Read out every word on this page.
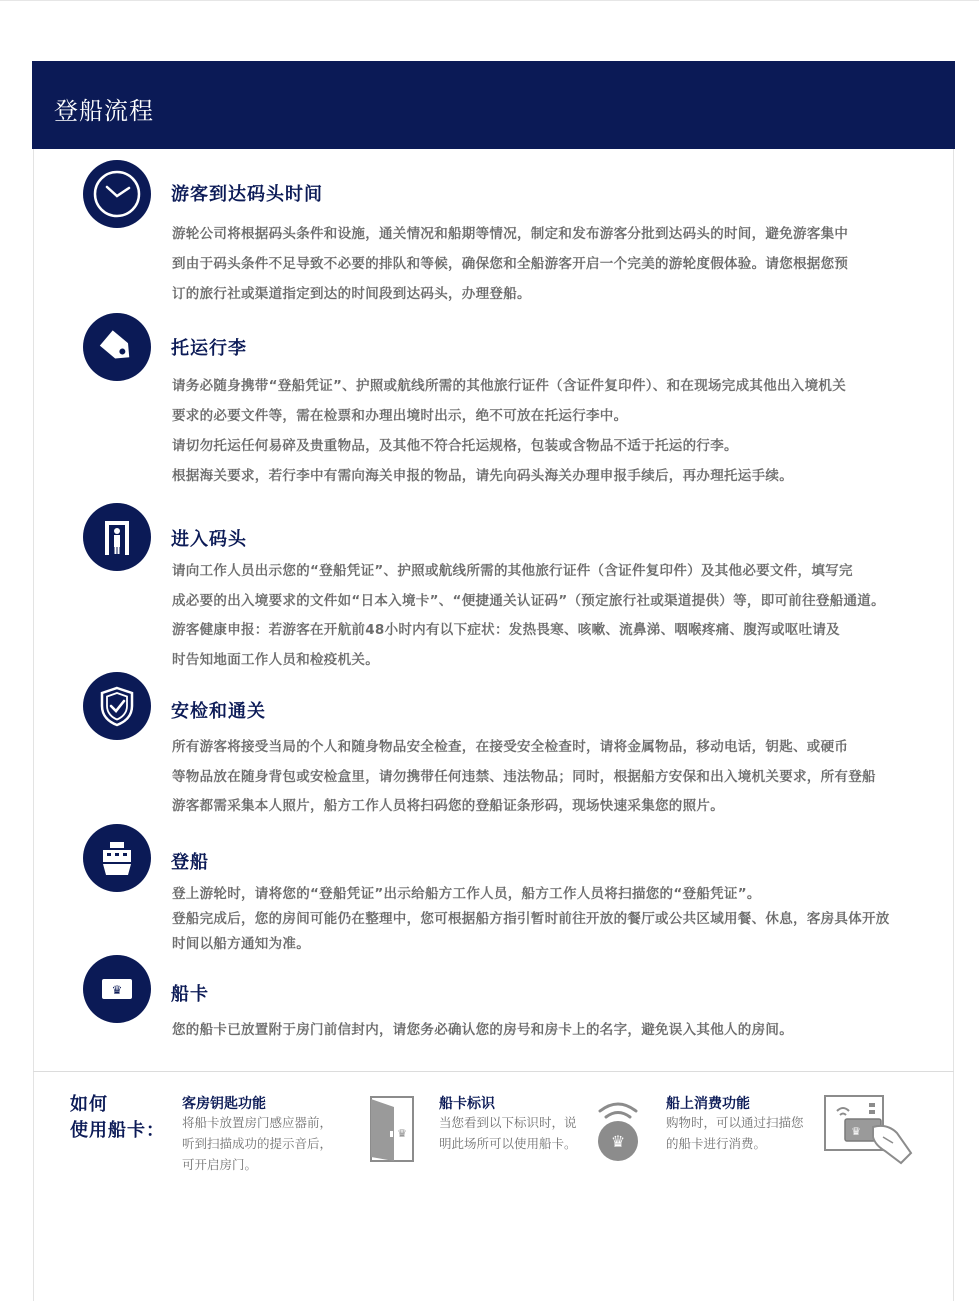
登船流程
游客到达码头时间

游轮公司将根据码头条件和设施，通关情况和船期等情况，制定和发布游客分批到达码头的时间，避免游客集中

到由于码头条件不足导致不必要的排队和等候，确保您和全船游客开启一个完美的游轮度假体验。请您根据您预

订的旅行社或渠道指定到达的时间段到达码头，办理登船。

托运行李

请务必随身携带“登船凭证”、护照或航线所需的其他旅行证件（含证件复印件）、和在现场完成其他出入境机关

要求的必要文件等，需在检票和办理出境时出示，绝不可放在托运行李中。

请切勿托运任何易碎及贵重物品，及其他不符合托运规格，包装或含物品不适于托运的行李。

根据海关要求，若行李中有需向海关申报的物品，请先向码头海关办理申报手续后，再办理托运手续。

进入码头

请向工作人员出示您的“登船凭证”、护照或航线所需的其他旅行证件（含证件复印件）及其他必要文件，填写完

成必要的出入境要求的文件如“日本入境卡”、“便捷通关认证码”（预定旅行社或渠道提供）等，即可前往登船通道。

游客健康申报：若游客在开航前48小时内有以下症状：发热畏寒、咳嗽、流鼻涕、咽喉疼痛、腹泻或呕吐请及

时告知地面工作人员和检疫机关。

安检和通关

所有游客将接受当局的个人和随身物品安全检查，在接受安全检查时，请将金属物品，移动电话，钥匙、或硬币

等物品放在随身背包或安检盒里，请勿携带任何违禁、违法物品；同时，根据船方安保和出入境机关要求，所有登船

游客都需采集本人照片，船方工作人员将扫码您的登船证条形码，现场快速采集您的照片。

登船

登上游轮时，请将您的“登船凭证”出示给船方工作人员，船方工作人员将扫描您的“登船凭证”。

登船完成后，您的房间可能仍在整理中，您可根据船方指引暂时前往开放的餐厅或公共区域用餐、休息，客房具体开放

时间以船方通知为准。

♛	船卡

您的船卡已放置附于房门前信封内，请您务必确认您的房号和房卡上的名字，避免误入其他人的房间。

如何
使用船卡：
客房钥匙功能
将船卡放置房门感应器前，
听到扫描成功的提示音后，
可开启房门。
♛
船卡标识
当您看到以下标识时，说
明此场所可以使用船卡。 ♛
船上消费功能
购物时，可以通过扫描您
的船卡进行消费。
♛
